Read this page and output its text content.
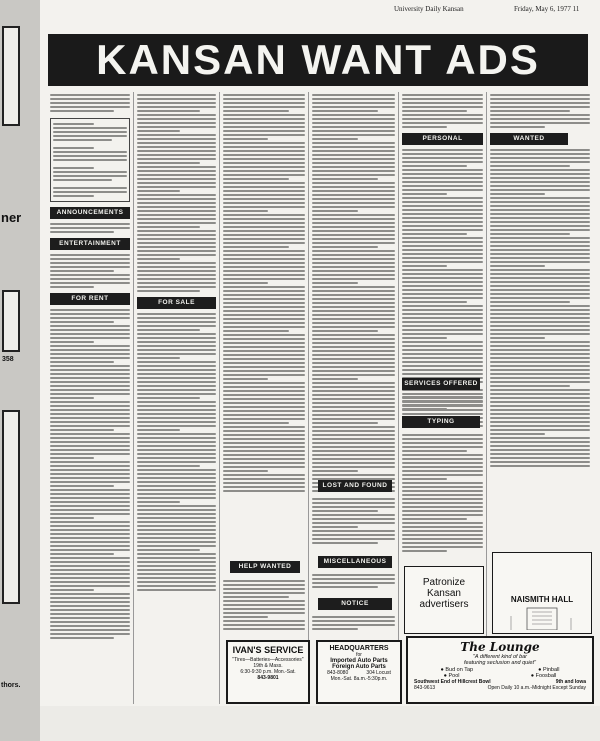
ner
358
thors.
University Daily Kansan	Friday, May 6, 1977 11
KANSAN WANT ADS
ANNOUNCEMENTS
ENTERTAINMENT
FOR RENT
FOR SALE
HELP WANTED
IVAN'S SERVICE
"Tires—Batteries—Accessories"
19th & Mass.
6:30-9:30 p.m. Mon.-Sat.
843-9801
LOST AND FOUND
MISCELLANEOUS
NOTICE
HEADQUARTERS
for
Imported Auto Parts
Foreign Auto Parts
843-8080	304 Locust
Mon.-Sat. 8a.m.-5:30p.m.
PERSONAL
SERVICES OFFERED
TYPING
Patronize
Kansan
advertisers
WANTED
NAISMITH HALL
The Lounge
"A different kind of bar
featuring seclusion and quiet"
● Bud on Tap	● Pinball
● Pool	● Foosball
Southwest End of Hillcrest Bowl	9th and Iowa
843-9613	Open Daily 10 a.m.-Midnight Except Sunday
